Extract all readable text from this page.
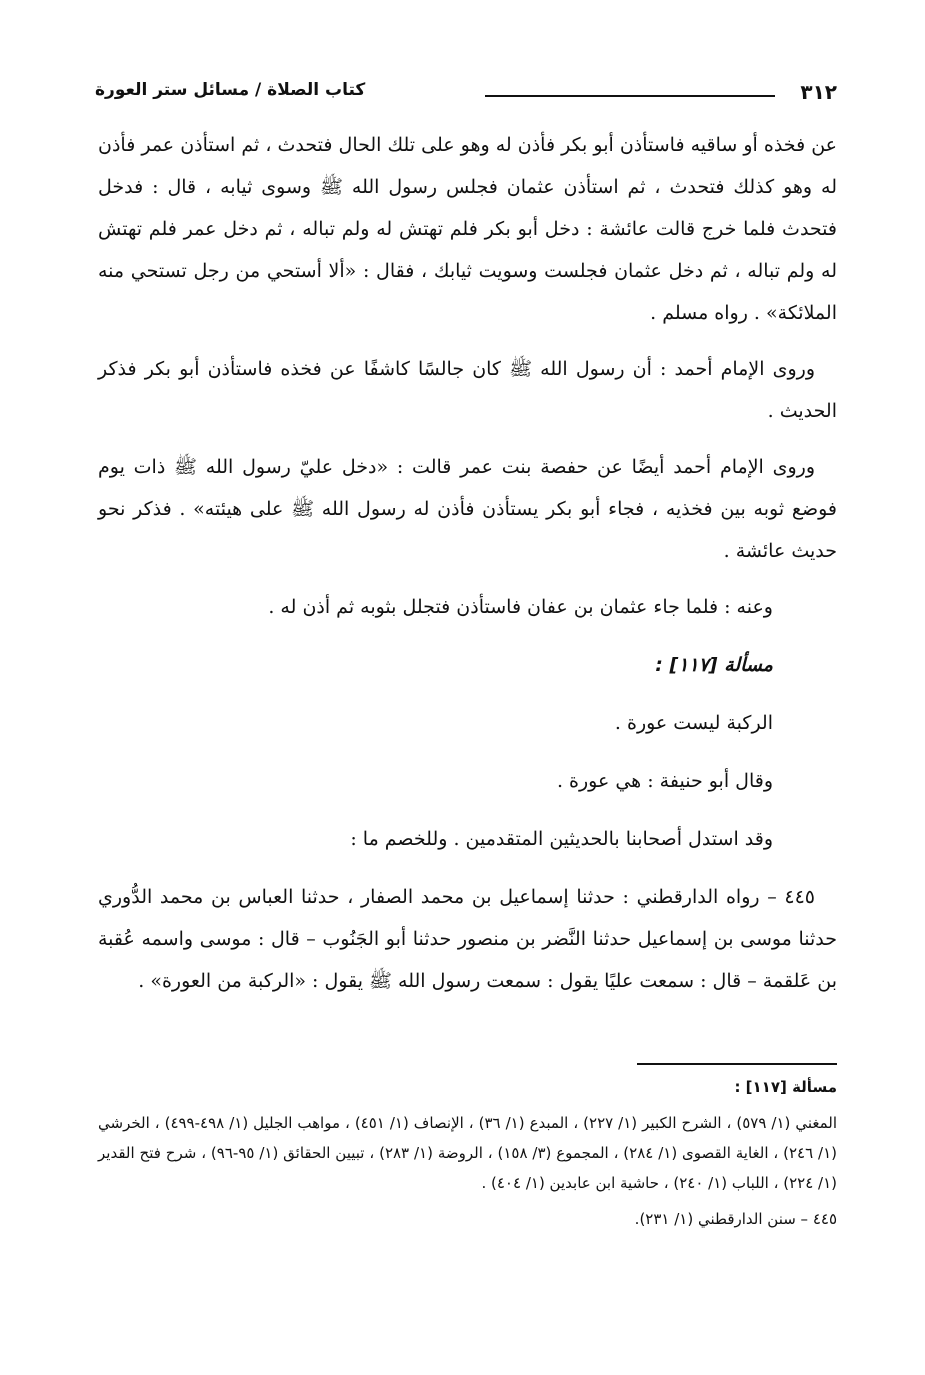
٣١٢
كتاب الصلاة / مسائل ستر العورة

عن فخذه أو ساقيه فاستأذن أبو بكر فأذن له وهو على تلك الحال فتحدث ، ثم استأذن عمر فأذن له وهو كذلك فتحدث ، ثم استأذن عثمان فجلس رسول الله ﷺ وسوى ثيابه ، قال : فدخل فتحدث فلما خرج قالت عائشة : دخل أبو بكر فلم تهتش له ولم تباله ، ثم دخل عمر فلم تهتش له ولم تباله ، ثم دخل عثمان فجلست وسويت ثيابك ، فقال : «ألا أستحي من رجل تستحي منه الملائكة» . رواه مسلم .

وروى الإمام أحمد : أن رسول الله ﷺ كان جالسًا كاشفًا عن فخذه فاستأذن أبو بكر فذكر الحديث .

وروى الإمام أحمد أيضًا عن حفصة بنت عمر قالت : «دخل عليّ رسول الله ﷺ ذات يوم فوضع ثوبه بين فخذيه ، فجاء أبو بكر يستأذن فأذن له رسول الله ﷺ على هيئته» . فذكر نحو حديث عائشة .

وعنه : فلما جاء عثمان بن عفان فاستأذن فتجلل بثوبه ثم أذن له .

مسألة [١١٧] :

الركبة ليست عورة .

وقال أبو حنيفة : هي عورة .

وقد استدل أصحابنا بالحديثين المتقدمين . وللخصم ما :

٤٤٥ – رواه الدارقطني : حدثنا إسماعيل بن محمد الصفار ، حدثنا العباس بن محمد الدُّوري حدثنا موسى بن إسماعيل حدثنا النَّضر بن منصور حدثنا أبو الجَنُوب – قال : موسى واسمه عُقبة بن عَلقمة – قال : سمعت عليًا يقول : سمعت رسول الله ﷺ يقول : «الركبة من العورة» .

مسألة [١١٧] :

المغني (١/ ٥٧٩) ، الشرح الكبير (١/ ٢٢٧) ، المبدع (١/ ٣٦) ، الإنصاف (١/ ٤٥١) ، مواهب الجليل (١/ ٤٩٨-٤٩٩) ، الخرشي (١/ ٢٤٦) ، الغاية القصوى (١/ ٢٨٤) ، المجموع (٣/ ١٥٨) ، الروضة (١/ ٢٨٣) ، تبيين الحقائق (١/ ٩٥-٩٦) ، شرح فتح القدير (١/ ٢٢٤) ، اللباب (١/ ٢٤٠) ، حاشية ابن عابدين (١/ ٤٠٤) .

٤٤٥ – سنن الدارقطني (١/ ٢٣١).
